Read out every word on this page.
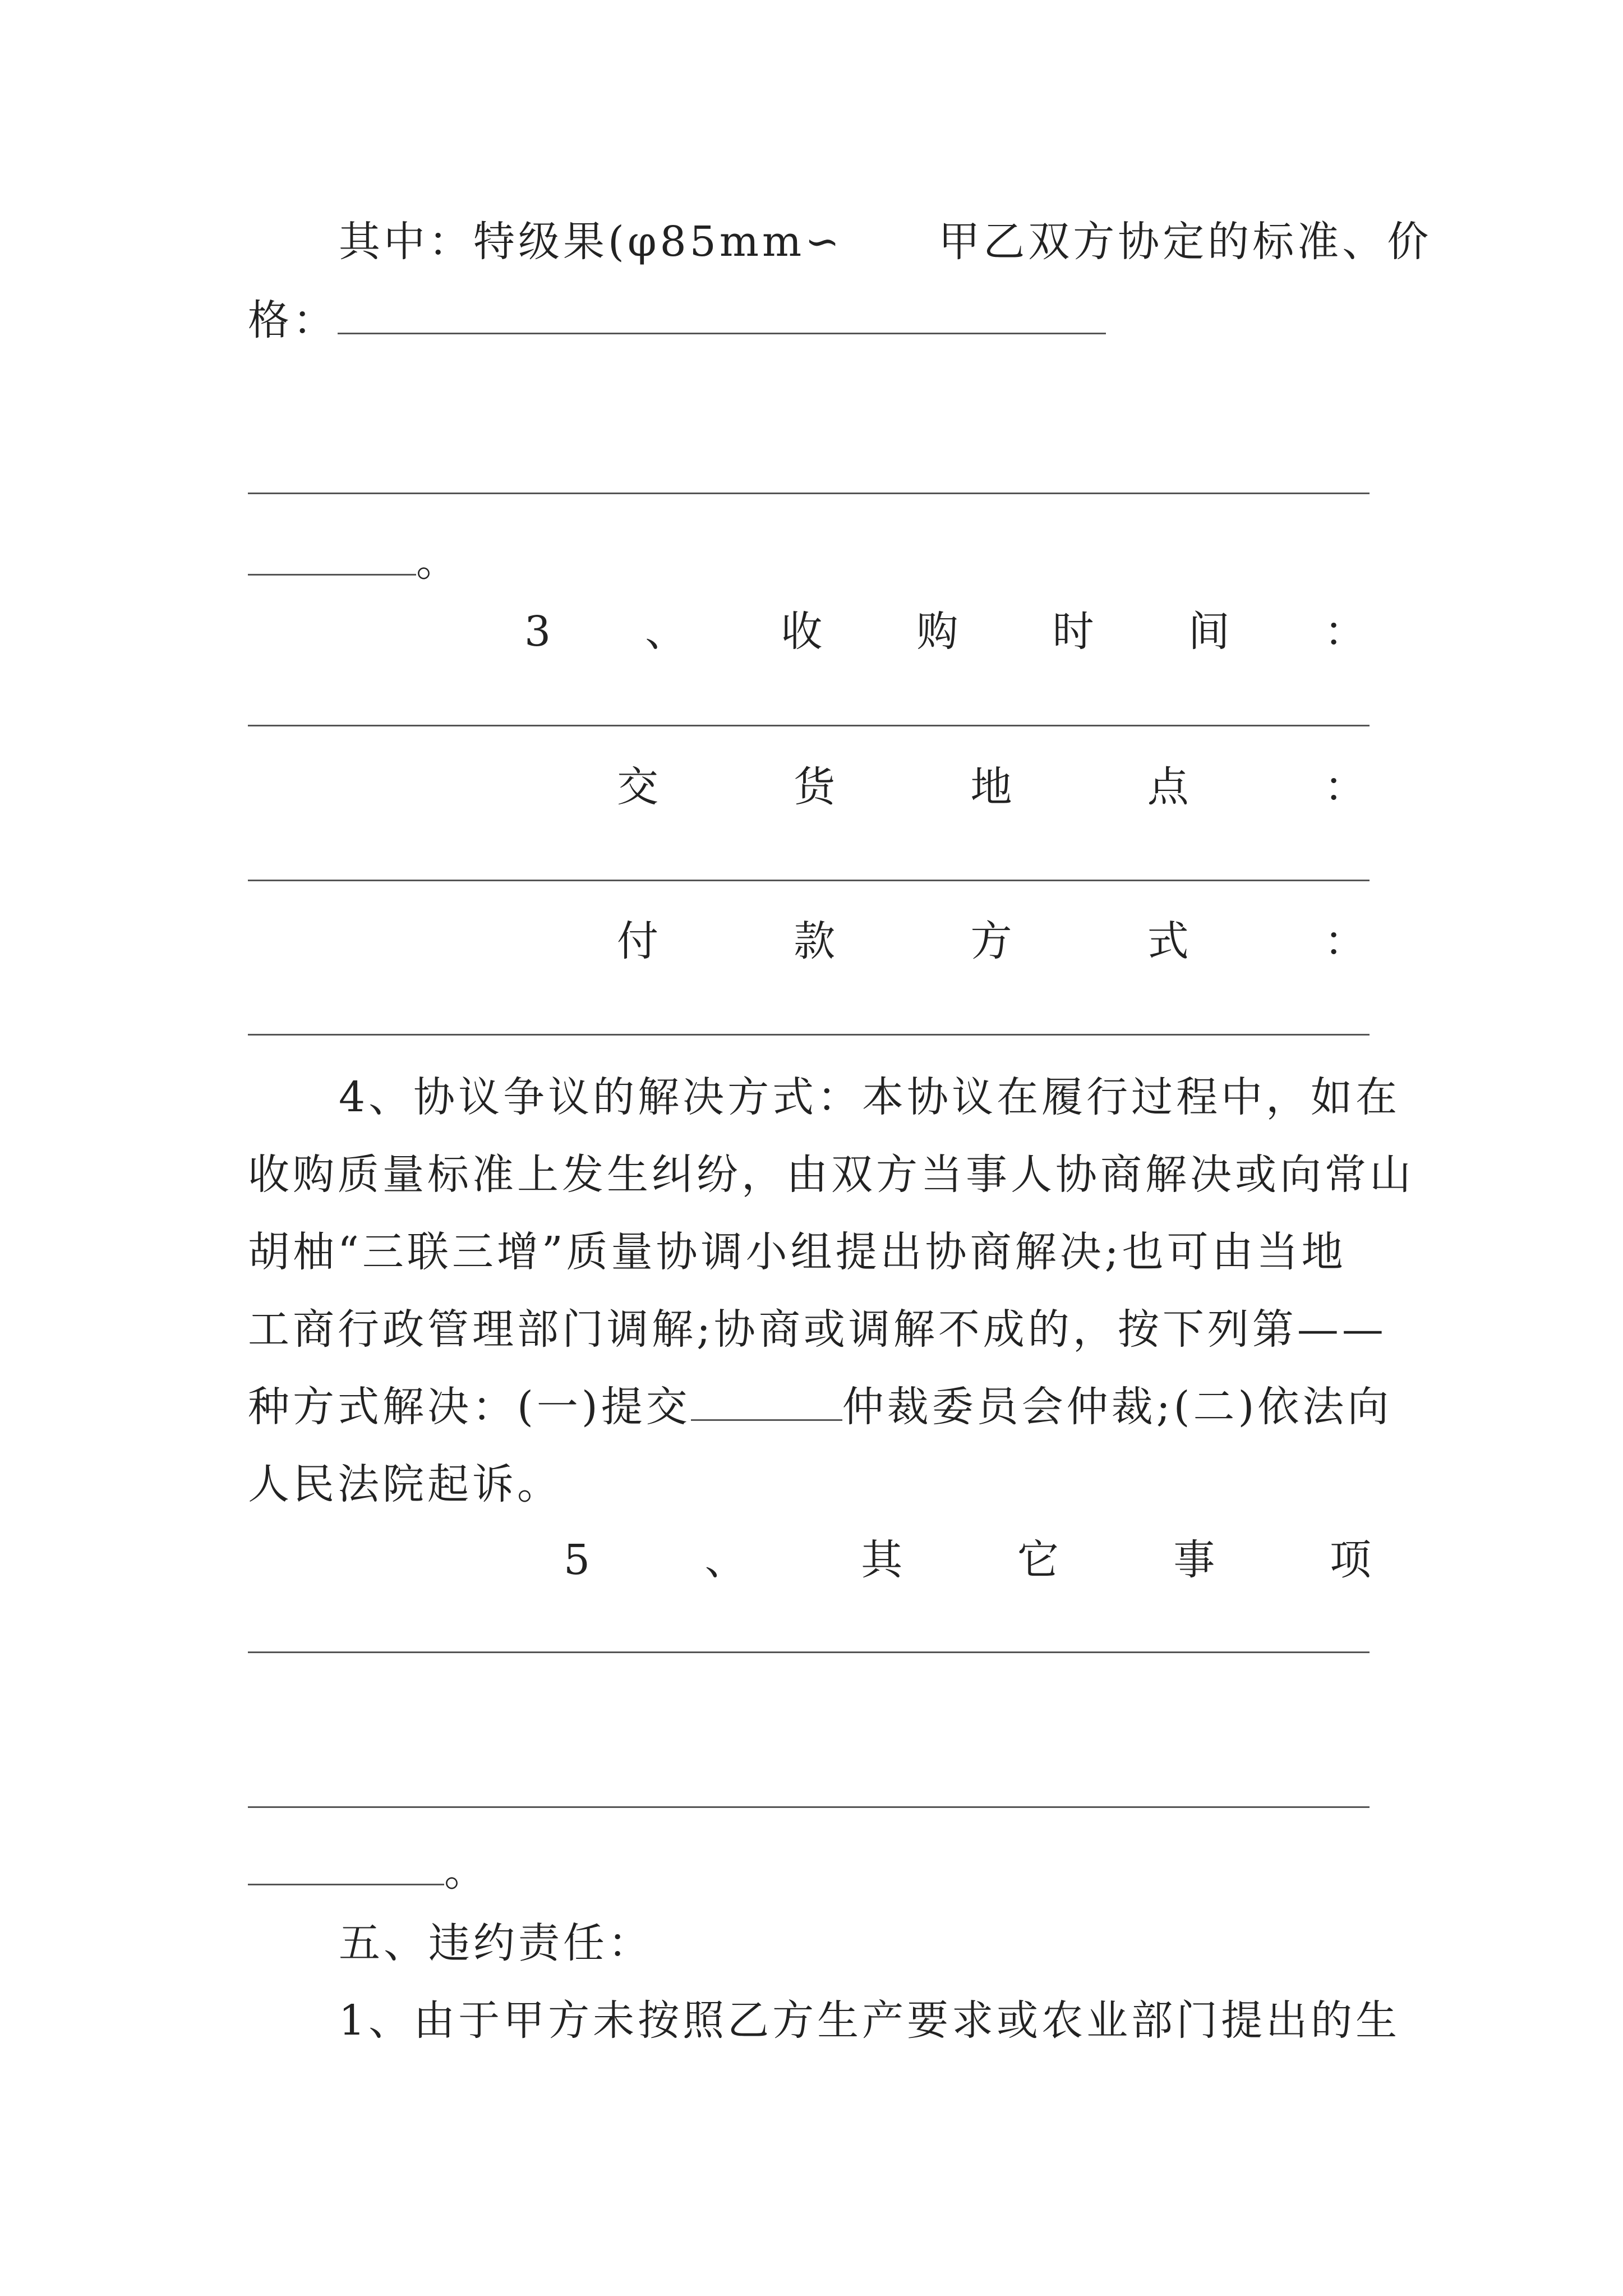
其中：特级果(φ85mm∽ 甲乙双方协定的标准、价
格：
。
3 、 收 购 时 间 ：
交	货	地	点	：
付	款	方	式	：
4、协议争议的解决方式：本协议在履行过程中，如在
收购质量标准上发生纠纷，由双方当事人协商解决或向常山
胡柚“三联三增”质量协调小组提出协商解决;也可由当地
工商行政管理部门调解;协商或调解不成的，按下列第——
种方式解决：(一)提交	仲裁委员会仲裁;(二)依法向
人民法院起诉。
5	、	其	它	事	项
。
五、违约责任：
1、由于甲方未按照乙方生产要求或农业部门提出的生
